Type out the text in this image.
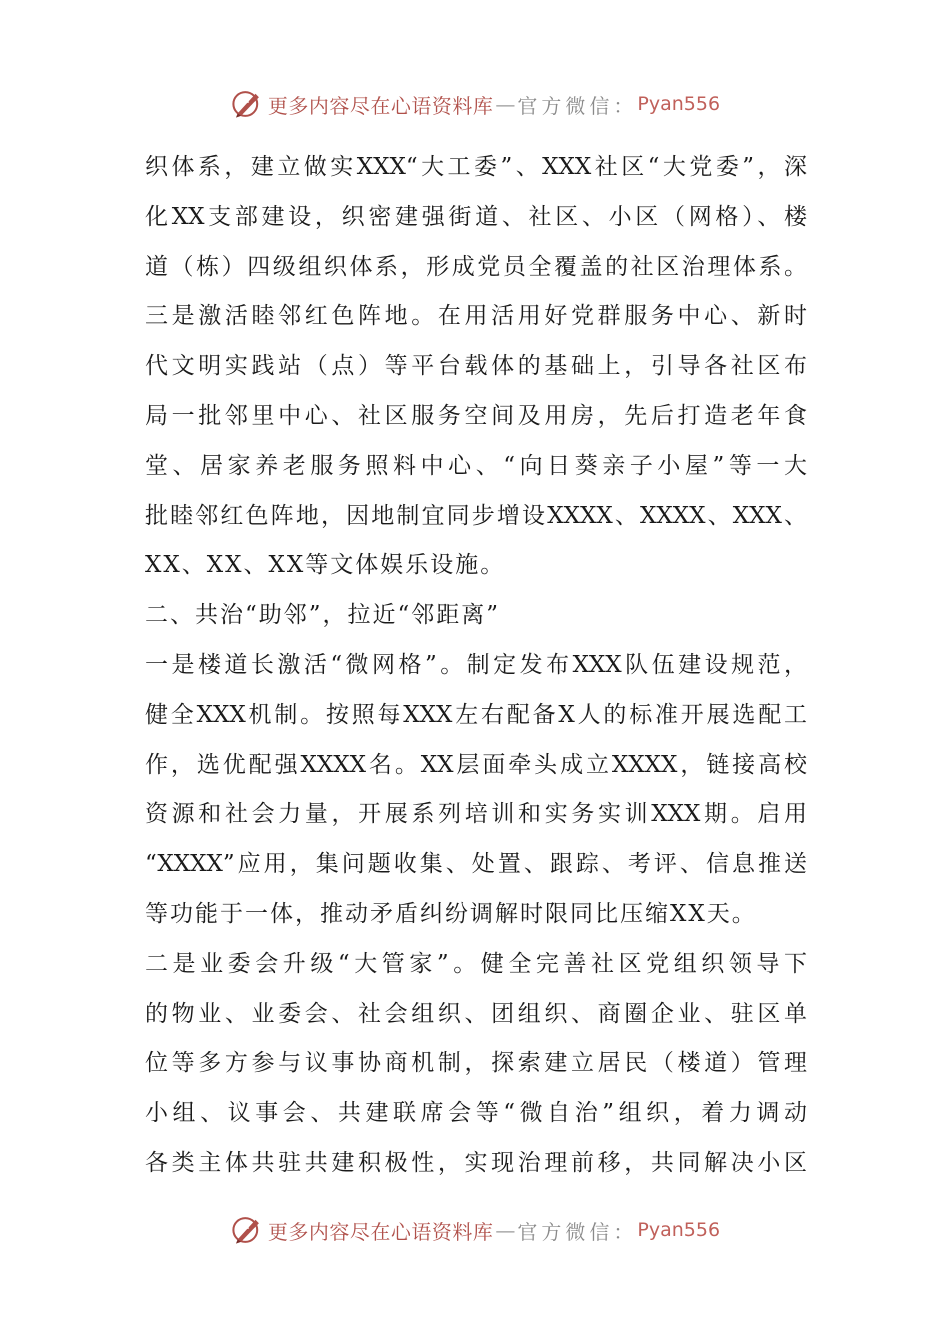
更多内容尽在心语资料库 — 官方微信： Pyan556
织体系，建立做实XXX“大工委”、XXX社区“大党委”，深
化XX支部建设，织密建强街道、社区、小区（网格）、楼
道（栋）四级组织体系，形成党员全覆盖的社区治理体系。
三是激活睦邻红色阵地。在用活用好党群服务中心、新时
代文明实践站（点）等平台载体的基础上，引导各社区布
局一批邻里中心、社区服务空间及用房，先后打造老年食
堂、居家养老服务照料中心、“向日葵亲子小屋”等一大
批睦邻红色阵地，因地制宜同步增设XXXX、XXXX、XXX、
XX、XX、XX等文体娱乐设施。
二、共治“助邻”，拉近“邻距离”
一是楼道长激活“微网格”。制定发布XXX队伍建设规范，
健全XXX机制。按照每XXX左右配备X人的标准开展选配工
作，选优配强XXXX名。XX层面牵头成立XXXX，链接高校
资源和社会力量，开展系列培训和实务实训XXX期。启用
“XXXX”应用，集问题收集、处置、跟踪、考评、信息推送
等功能于一体，推动矛盾纠纷调解时限同比压缩XX天。
二是业委会升级“大管家”。健全完善社区党组织领导下
的物业、业委会、社会组织、团组织、商圈企业、驻区单
位等多方参与议事协商机制，探索建立居民（楼道）管理
小组、议事会、共建联席会等“微自治”组织，着力调动
各类主体共驻共建积极性，实现治理前移，共同解决小区
更多内容尽在心语资料库 — 官方微信： Pyan556
